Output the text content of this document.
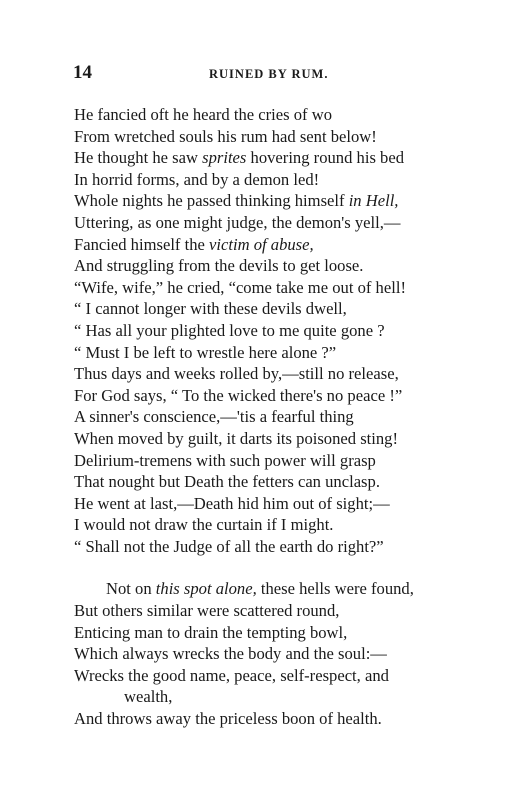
14	RUINED BY RUM.
He fancied oft he heard the cries of wo
From wretched souls his rum had sent below!
He thought he saw sprites hovering round his bed
In horrid forms, and by a demon led!
Whole nights he passed thinking himself in Hell,
Uttering, as one might judge, the demon's yell,—
Fancied himself the victim of abuse,
And struggling from the devils to get loose.
“Wife, wife,” he cried, “come take me out of hell!
“ I cannot longer with these devils dwell,
“ Has all your plighted love to me quite gone ?
“ Must I be left to wrestle here alone ?”
Thus days and weeks rolled by,—still no release,
For God says, “ To the wicked there's no peace !”
A sinner's conscience,—'tis a fearful thing
When moved by guilt, it darts its poisoned sting!
Delirium-tremens with such power will grasp
That nought but Death the fetters can unclasp.
He went at last,—Death hid him out of sight;—
I would not draw the curtain if I might.
“ Shall not the Judge of all the earth do right?”
Not on this spot alone, these hells were found,
But others similar were scattered round,
Enticing man to drain the tempting bowl,
Which always wrecks the body and the soul:—
Wrecks the good name, peace, self-respect, and
wealth,
And throws away the priceless boon of health.
